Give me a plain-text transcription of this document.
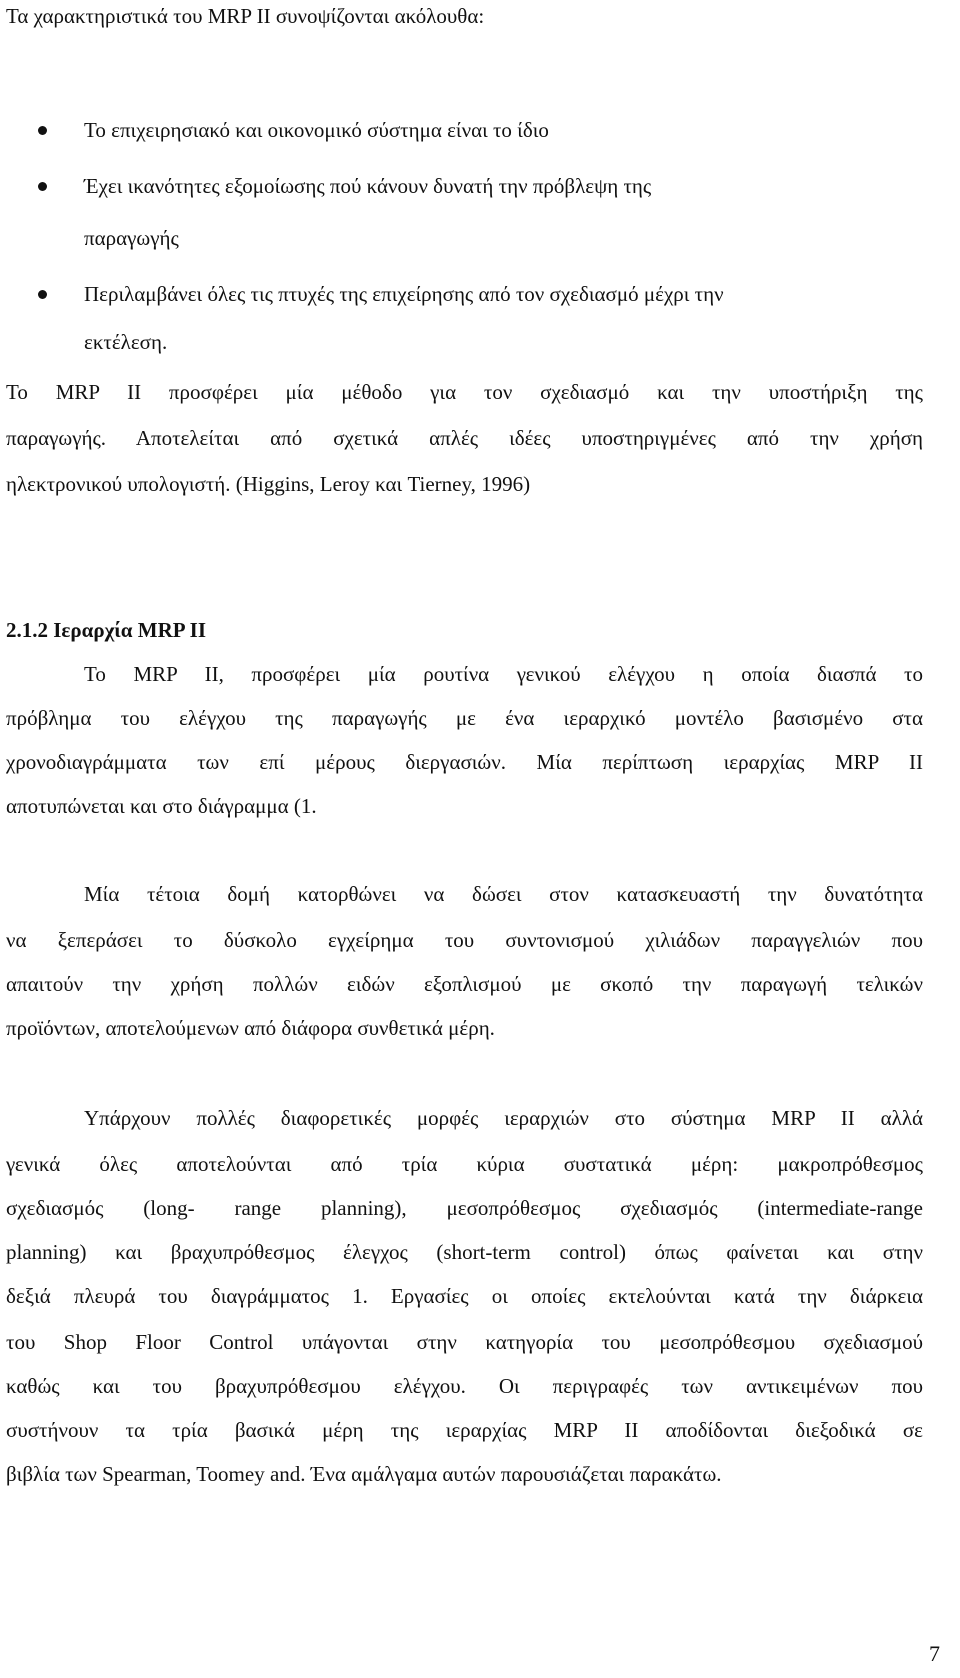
Τα χαρακτηριστικά του MRP II συνοψίζονται ακόλουθα:
Το επιχειρησιακό και οικονομικό σύστημα είναι το ίδιο
Έχει ικανότητες εξομοίωσης πού κάνουν δυνατή την πρόβλεψη της
παραγωγής
Περιλαμβάνει όλες τις πτυχές της επιχείρησης από τον σχεδιασμό μέχρι την
εκτέλεση.
Το MRP II προσφέρει μία μέθοδο για τον σχεδιασμό και την υποστήριξη της
παραγωγής. Αποτελείται από σχετικά απλές ιδέες υποστηριγμένες από την χρήση
ηλεκτρονικού υπολογιστή. (Higgins, Leroy και Tierney, 1996)
2.1.2 Ιεραρχία MRP II
Το MRP II, προσφέρει μία ρουτίνα γενικού ελέγχου η οποία διασπά το
πρόβλημα του ελέγχου της παραγωγής με ένα ιεραρχικό μοντέλο βασισμένο στα
χρονοδιαγράμματα των επί μέρους διεργασιών. Μία περίπτωση ιεραρχίας MRP II
αποτυπώνεται και στο διάγραμμα (1.
Μία τέτοια δομή κατορθώνει να δώσει στον κατασκευαστή την δυνατότητα
να ξεπεράσει το δύσκολο εγχείρημα του συντονισμού χιλιάδων παραγγελιών που
απαιτούν την χρήση πολλών ειδών εξοπλισμού με σκοπό την παραγωγή τελικών
προϊόντων, αποτελούμενων από διάφορα συνθετικά μέρη.
Υπάρχουν πολλές διαφορετικές μορφές ιεραρχιών στο σύστημα MRP II αλλά
γενικά όλες αποτελούνται από τρία κύρια συστατικά μέρη: μακροπρόθεσμος
σχεδιασμός (long- range planning), μεσοπρόθεσμος σχεδιασμός (intermediate-range
planning) και βραχυπρόθεσμος έλεγχος (short-term control) όπως φαίνεται και στην
δεξιά πλευρά του διαγράμματος 1. Εργασίες οι οποίες εκτελούνται κατά την διάρκεια
του Shop Floor Control υπάγονται στην κατηγορία του μεσοπρόθεσμου σχεδιασμού
καθώς και του βραχυπρόθεσμου ελέγχου. Οι περιγραφές των αντικειμένων που
συστήνουν τα τρία βασικά μέρη της ιεραρχίας MRP II αποδίδονται διεξοδικά σε
βιβλία των Spearman, Toomey and. Ένα αμάλγαμα αυτών παρουσιάζεται παρακάτω.
7
